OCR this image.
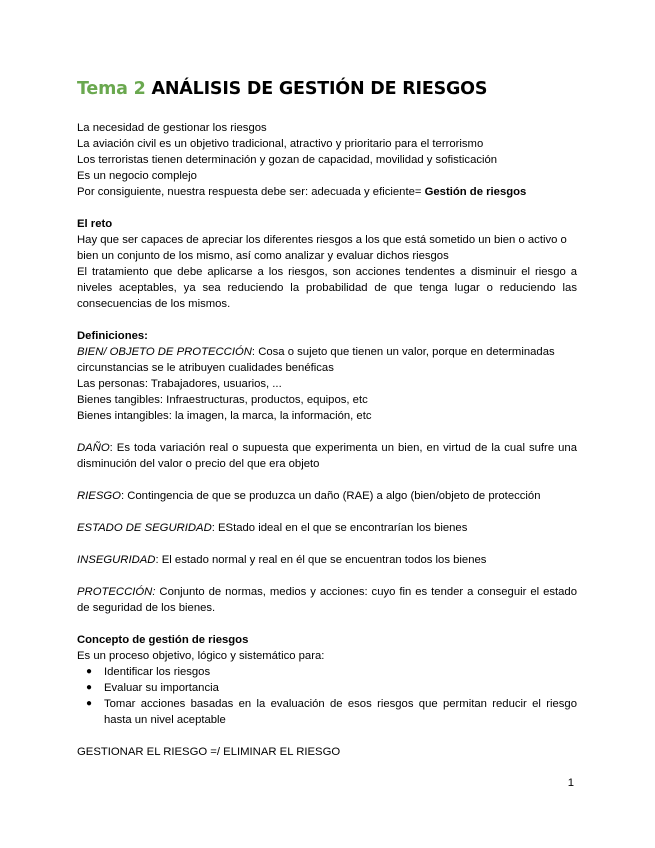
Tema 2 ANÁLISIS DE GESTIÓN DE RIESGOS

La necesidad de gestionar los riesgos

La aviación civil es un objetivo tradicional, atractivo y prioritario para el terrorismo

Los terroristas tienen determinación y gozan de capacidad, movilidad y sofisticación

Es un negocio complejo

Por consiguiente, nuestra respuesta debe ser: adecuada y eficiente= Gestión de riesgos

El reto

Hay que ser capaces de apreciar los diferentes riesgos a los que está sometido un bien o activo o bien un conjunto de los mismo, así como analizar y evaluar dichos riesgos

El tratamiento que debe aplicarse a los riesgos, son acciones tendentes a disminuir el riesgo a niveles aceptables, ya sea reduciendo la probabilidad de que tenga lugar o reduciendo las consecuencias de los mismos.

Definiciones:

BIEN/ OBJETO DE PROTECCIÓN: Cosa o sujeto que tienen un valor, porque en determinadas circunstancias se le atribuyen cualidades benéficas

Las personas: Trabajadores, usuarios, ...

Bienes tangibles: Infraestructuras, productos, equipos, etc

Bienes intangibles: la imagen, la marca, la información, etc

DAÑO: Es toda variación real o supuesta que experimenta un bien, en virtud de la cual sufre una disminución del valor o precio del que era objeto

RIESGO: Contingencia de que se produzca un daño (RAE) a algo (bien/objeto de protección

ESTADO DE SEGURIDAD: EStado ideal en el que se encontrarían los bienes

INSEGURIDAD: El estado normal y real en él que se encuentran todos los bienes

PROTECCIÓN: Conjunto de normas, medios y acciones: cuyo fin es tender a conseguir el estado de seguridad de los bienes.

Concepto de gestión de riesgos

Es un proceso objetivo, lógico y sistemático para:

● Identificar los riesgos
● Evaluar su importancia
● Tomar acciones basadas en la evaluación de esos riesgos que permitan reducir el riesgo hasta un nivel aceptable

GESTIONAR EL RIESGO =/ ELIMINAR EL RIESGO

1
